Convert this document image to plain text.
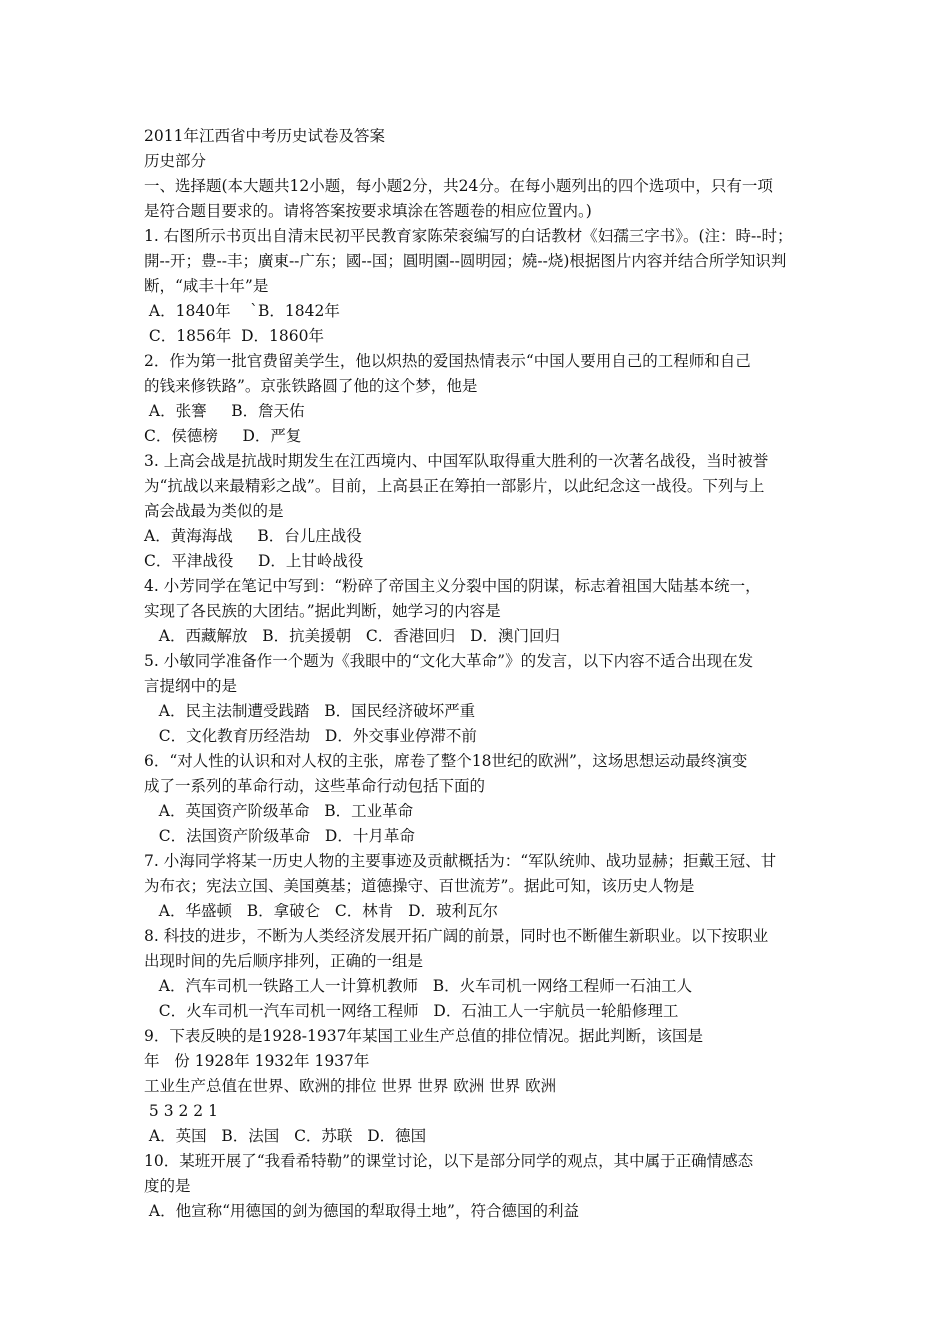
2011年江西省中考历史试卷及答案
历史部分
一、选择题(本大题共12小题，每小题2分，共24分。在每小题列出的四个选项中，只有一项
是符合题目要求的。请将答案按要求填涂在答题卷的相应位置内。)
1. 右图所示书页出自清末民初平民教育家陈荣衮编写的白话教材《妇孺三字书》。(注：時--时；
開--开；豊--丰；廣東--广东；國--国；圓明園--圆明园；燒--烧)根据图片内容并结合所学知识判
断，“咸丰十年”是
A．1840年    `B．1842年
C．1856年  D．1860年
2．作为第一批官费留美学生，他以炽热的爱国热情表示“中国人要用自己的工程师和自己
的钱来修铁路”。京张铁路圆了他的这个梦，他是
A．张謇     B．詹天佑
C．侯德榜     D．严复
3. 上高会战是抗战时期发生在江西境内、中国军队取得重大胜利的一次著名战役，当时被誉
为“抗战以来最精彩之战”。目前，上高县正在筹拍一部影片，以此纪念这一战役。下列与上
高会战最为类似的是
A．黄海海战     B．台儿庄战役
C．平津战役     D．上甘岭战役
4. 小芳同学在笔记中写到：“粉碎了帝国主义分裂中国的阴谋，标志着祖国大陆基本统一，
实现了各民族的大团结。”据此判断，她学习的内容是
A．西藏解放   B．抗美援朝   C．香港回归   D．澳门回归
5. 小敏同学准备作一个题为《我眼中的“文化大革命”》的发言，以下内容不适合出现在发
言提纲中的是
A．民主法制遭受践踏   B．国民经济破坏严重
C．文化教育历经浩劫   D．外交事业停滞不前
6．“对人性的认识和对人权的主张，席卷了整个18世纪的欧洲”，这场思想运动最终演变
成了一系列的革命行动，这些革命行动包括下面的
A．英国资产阶级革命   B．工业革命
C．法国资产阶级革命   D．十月革命
7. 小海同学将某一历史人物的主要事迹及贡献概括为：“军队统帅、战功显赫；拒戴王冠、甘
为布衣；宪法立国、美国奠基；道德操守、百世流芳”。据此可知，该历史人物是
A．华盛顿   B．拿破仑   C．林肯   D．玻利瓦尔
8. 科技的进步，不断为人类经济发展开拓广阔的前景，同时也不断催生新职业。以下按职业
出现时间的先后顺序排列，正确的一组是
A．汽车司机一铁路工人一计算机教师   B．火车司机一网络工程师一石油工人
C．火车司机一汽车司机一网络工程师   D．石油工人一宇航员一轮船修理工
9．下表反映的是1928-1937年某国工业生产总值的排位情况。据此判断，该国是
年   份 1928年 1932年 1937年
工业生产总值在世界、欧洲的排位 世界 世界 欧洲 世界 欧洲
5 3 2 2 1
A．英国   B．法国   C．苏联   D．德国
10．某班开展了“我看希特勒”的课堂讨论，以下是部分同学的观点，其中属于正确情感态
度的是
A．他宣称“用德国的剑为德国的犁取得土地”，符合德国的利益
